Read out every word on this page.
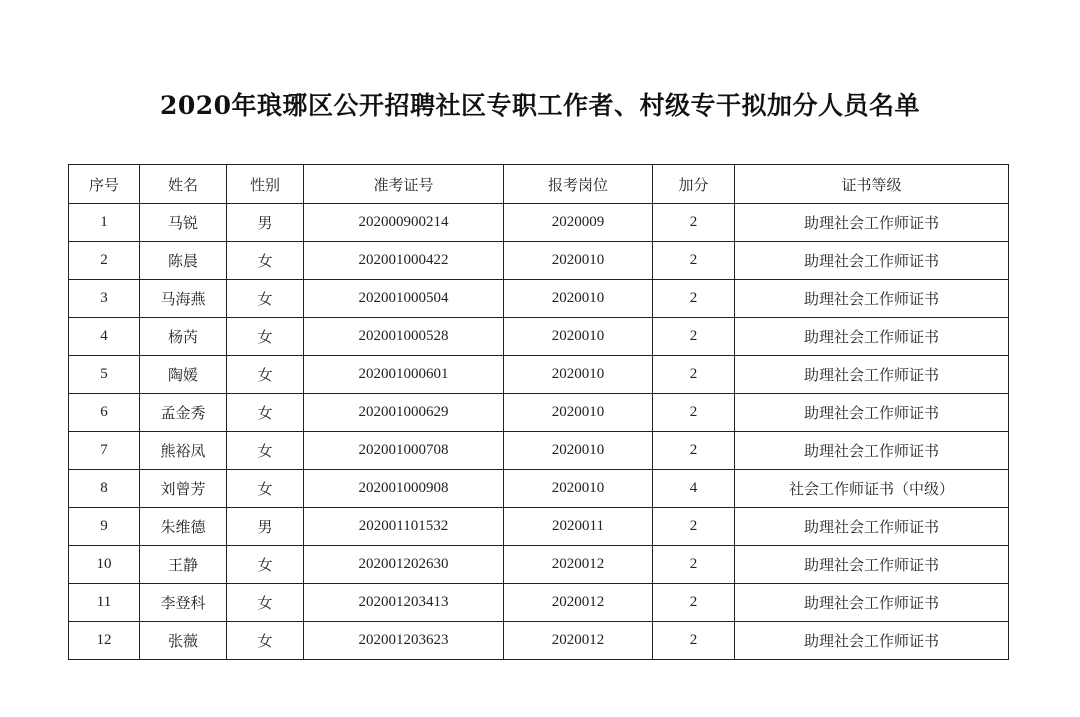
2020年琅琊区公开招聘社区专职工作者、村级专干拟加分人员名单
序号	姓名	性别	准考证号	报考岗位	加分	证书等级
1	马锐	男	202000900214	2020009	2	助理社会工作师证书
2	陈晨	女	202001000422	2020010	2	助理社会工作师证书
3	马海燕	女	202001000504	2020010	2	助理社会工作师证书
4	杨芮	女	202001000528	2020010	2	助理社会工作师证书
5	陶媛	女	202001000601	2020010	2	助理社会工作师证书
6	孟金秀	女	202001000629	2020010	2	助理社会工作师证书
7	熊裕凤	女	202001000708	2020010	2	助理社会工作师证书
8	刘曾芳	女	202001000908	2020010	4	社会工作师证书（中级）
9	朱维德	男	202001101532	2020011	2	助理社会工作师证书
10	王静	女	202001202630	2020012	2	助理社会工作师证书
11	李登科	女	202001203413	2020012	2	助理社会工作师证书
12	张薇	女	202001203623	2020012	2	助理社会工作师证书
